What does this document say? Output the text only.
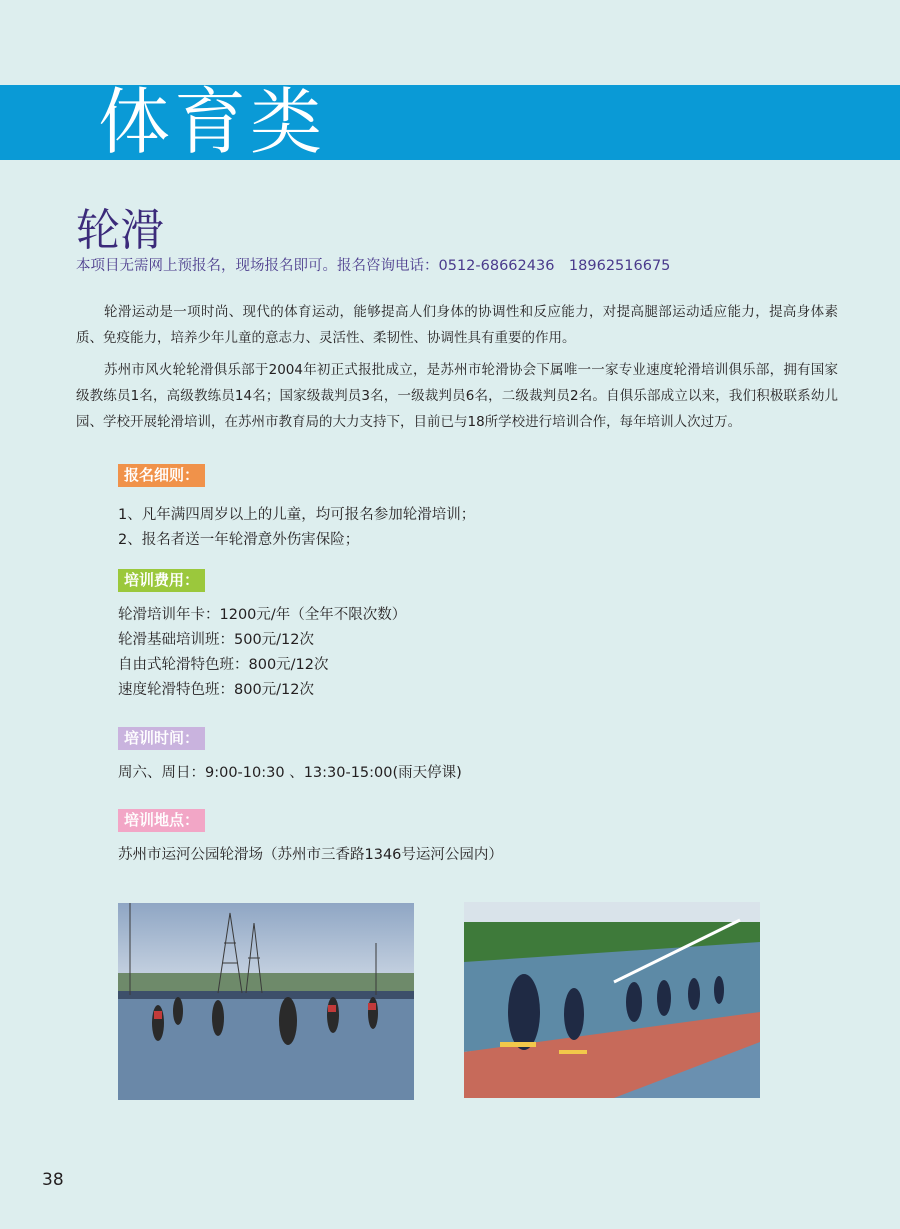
体育类
轮滑
本项目无需网上预报名，现场报名即可。报名咨询电话：0512-68662436　18962516675
轮滑运动是一项时尚、现代的体育运动，能够提高人们身体的协调性和反应能力，对提高腿部运动适应能力，提高身体素质、免疫能力，培养少年儿童的意志力、灵活性、柔韧性、协调性具有重要的作用。
苏州市风火轮轮滑俱乐部于2004年初正式报批成立，是苏州市轮滑协会下属唯一一家专业速度轮滑培训俱乐部，拥有国家级教练员1名，高级教练员14名；国家级裁判员3名，一级裁判员6名，二级裁判员2名。自俱乐部成立以来，我们积极联系幼儿园、学校开展轮滑培训，在苏州市教育局的大力支持下，目前已与18所学校进行培训合作，每年培训人次过万。
报名细则：
1、凡年满四周岁以上的儿童，均可报名参加轮滑培训；
2、报名者送一年轮滑意外伤害保险；
培训费用：
轮滑培训年卡：1200元/年（全年不限次数）
轮滑基础培训班：500元/12次
自由式轮滑特色班：800元/12次
速度轮滑特色班：800元/12次
培训时间：
周六、周日：9:00-10:30 、13:30-15:00(雨天停课)
培训地点：
苏州市运河公园轮滑场（苏州市三香路1346号运河公园内）
38
